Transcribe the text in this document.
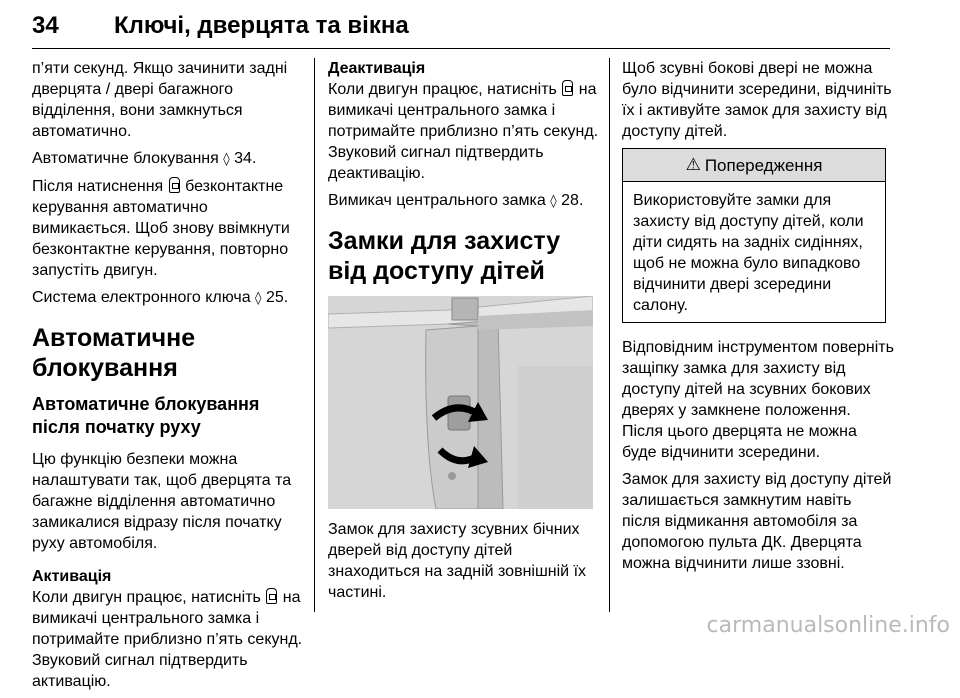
34	Ключі, дверцята та вікна

п’яти секунд. Якщо зачинити задні дверцята / двері багажного відділення, вони замкнуться автоматично.

Автоматичне блокування ◊ 34.

Після натиснення безконтактне керування автоматично вимикається. Щоб знову ввімкнути безконтактне керування, повторно запустіть двигун.

Система електронного ключа ◊ 25.

Автоматичне блокування
Автоматичне блокування після початку руху

Цю функцію безпеки можна налаштувати так, щоб дверцята та багажне відділення автоматично замикалися відразу після початку руху автомобіля.

Активація

Коли двигун працює, натисніть на вимикачі центрального замка і потримайте приблизно п’ять секунд. Звуковий сигнал підтвердить активацію.

Деактивація

Коли двигун працює, натисніть на вимикачі центрального замка і потримайте приблизно п’ять секунд. Звуковий сигнал підтвердить деактивацію.

Вимикач центрального замка ◊ 28.

Замки для захисту від доступу дітей

Замок для захисту зсувних бічних дверей від доступу дітей знаходиться на задній зовнішній їх частині.

Щоб зсувні бокові двері не можна було відчинити зсередини, відчиніть їх і активуйте замок для захисту від доступу дітей.

⚠ Попередження
Використовуйте замки для захисту від доступу дітей, коли діти сидять на задніх сидіннях, щоб не можна було випадково відчинити двері зсередини салону.

Відповідним інструментом поверніть защіпку замка для захисту від доступу дітей на зсувних бокових дверях у замкнене положення. Після цього дверцята не можна буде відчинити зсередини.

Замок для захисту від доступу дітей залишається замкнутим навіть після відмикання автомобіля за допомогою пульта ДК. Дверцята можна відчинити лише ззовні.

carmanualsonline.info
